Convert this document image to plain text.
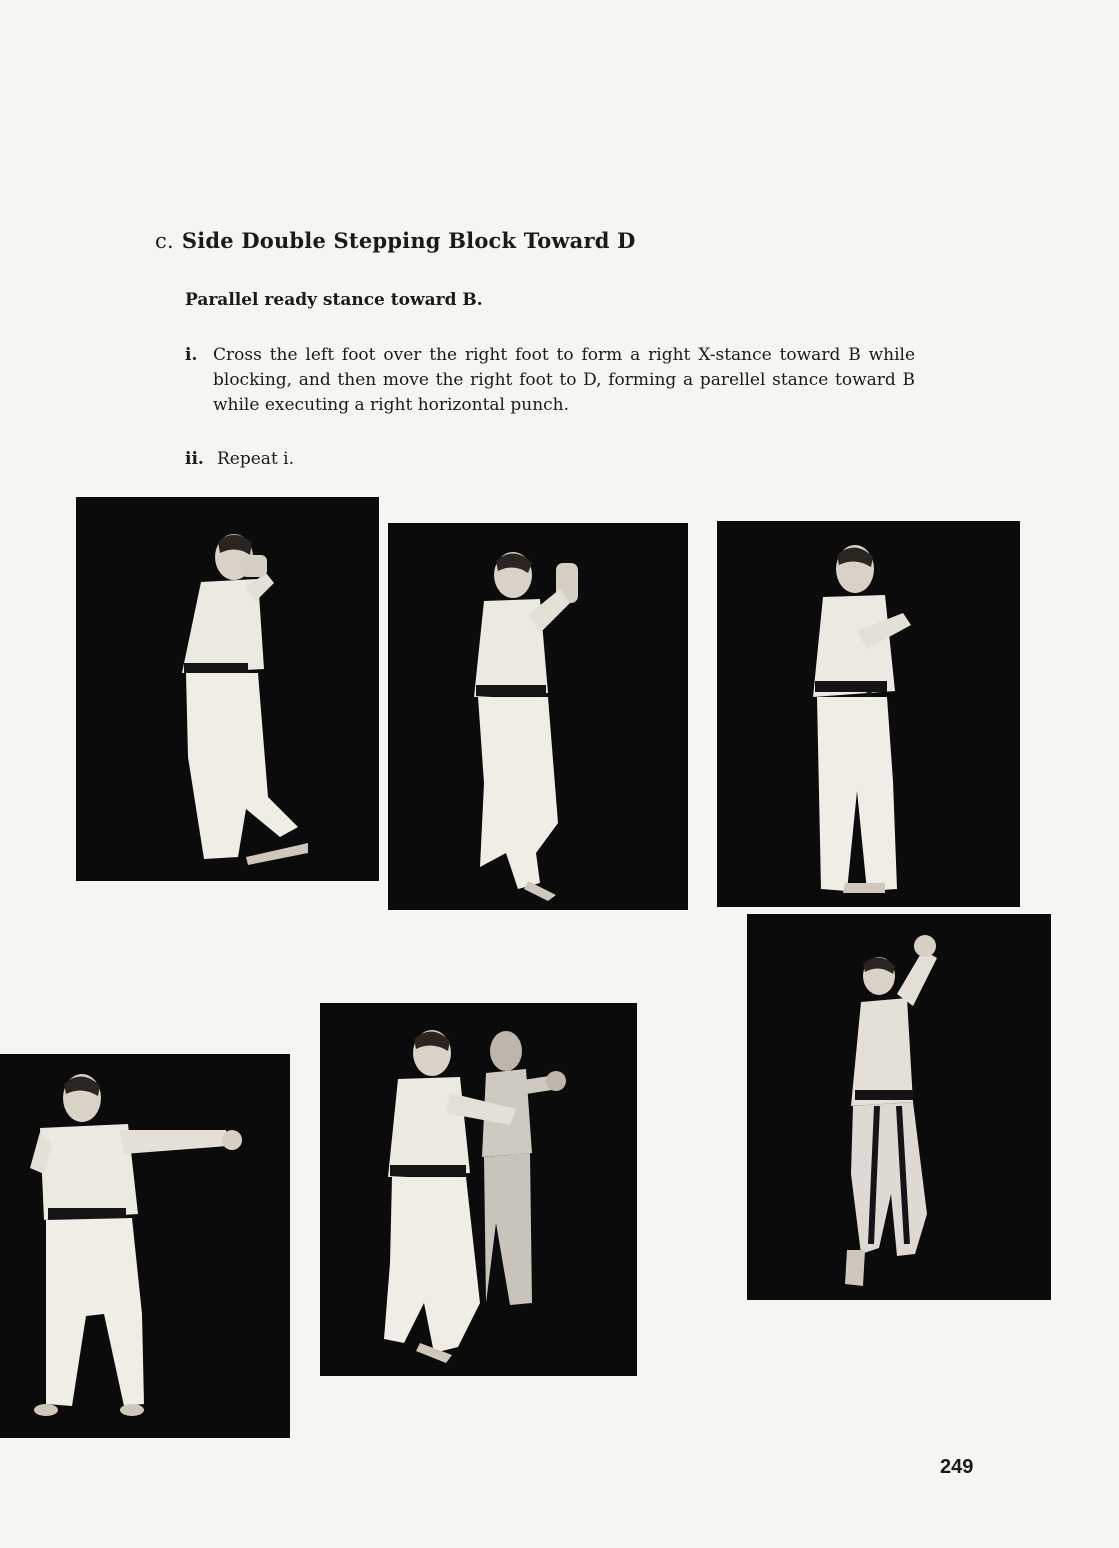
c. Side Double Stepping Block Toward D
Parallel ready stance toward B.
i. Cross the left foot over the right foot to form a right X-stance toward B while blocking, and then move the right foot to D, forming a parellel stance toward B while executing a right horizontal punch.
ii. Repeat i.
249
